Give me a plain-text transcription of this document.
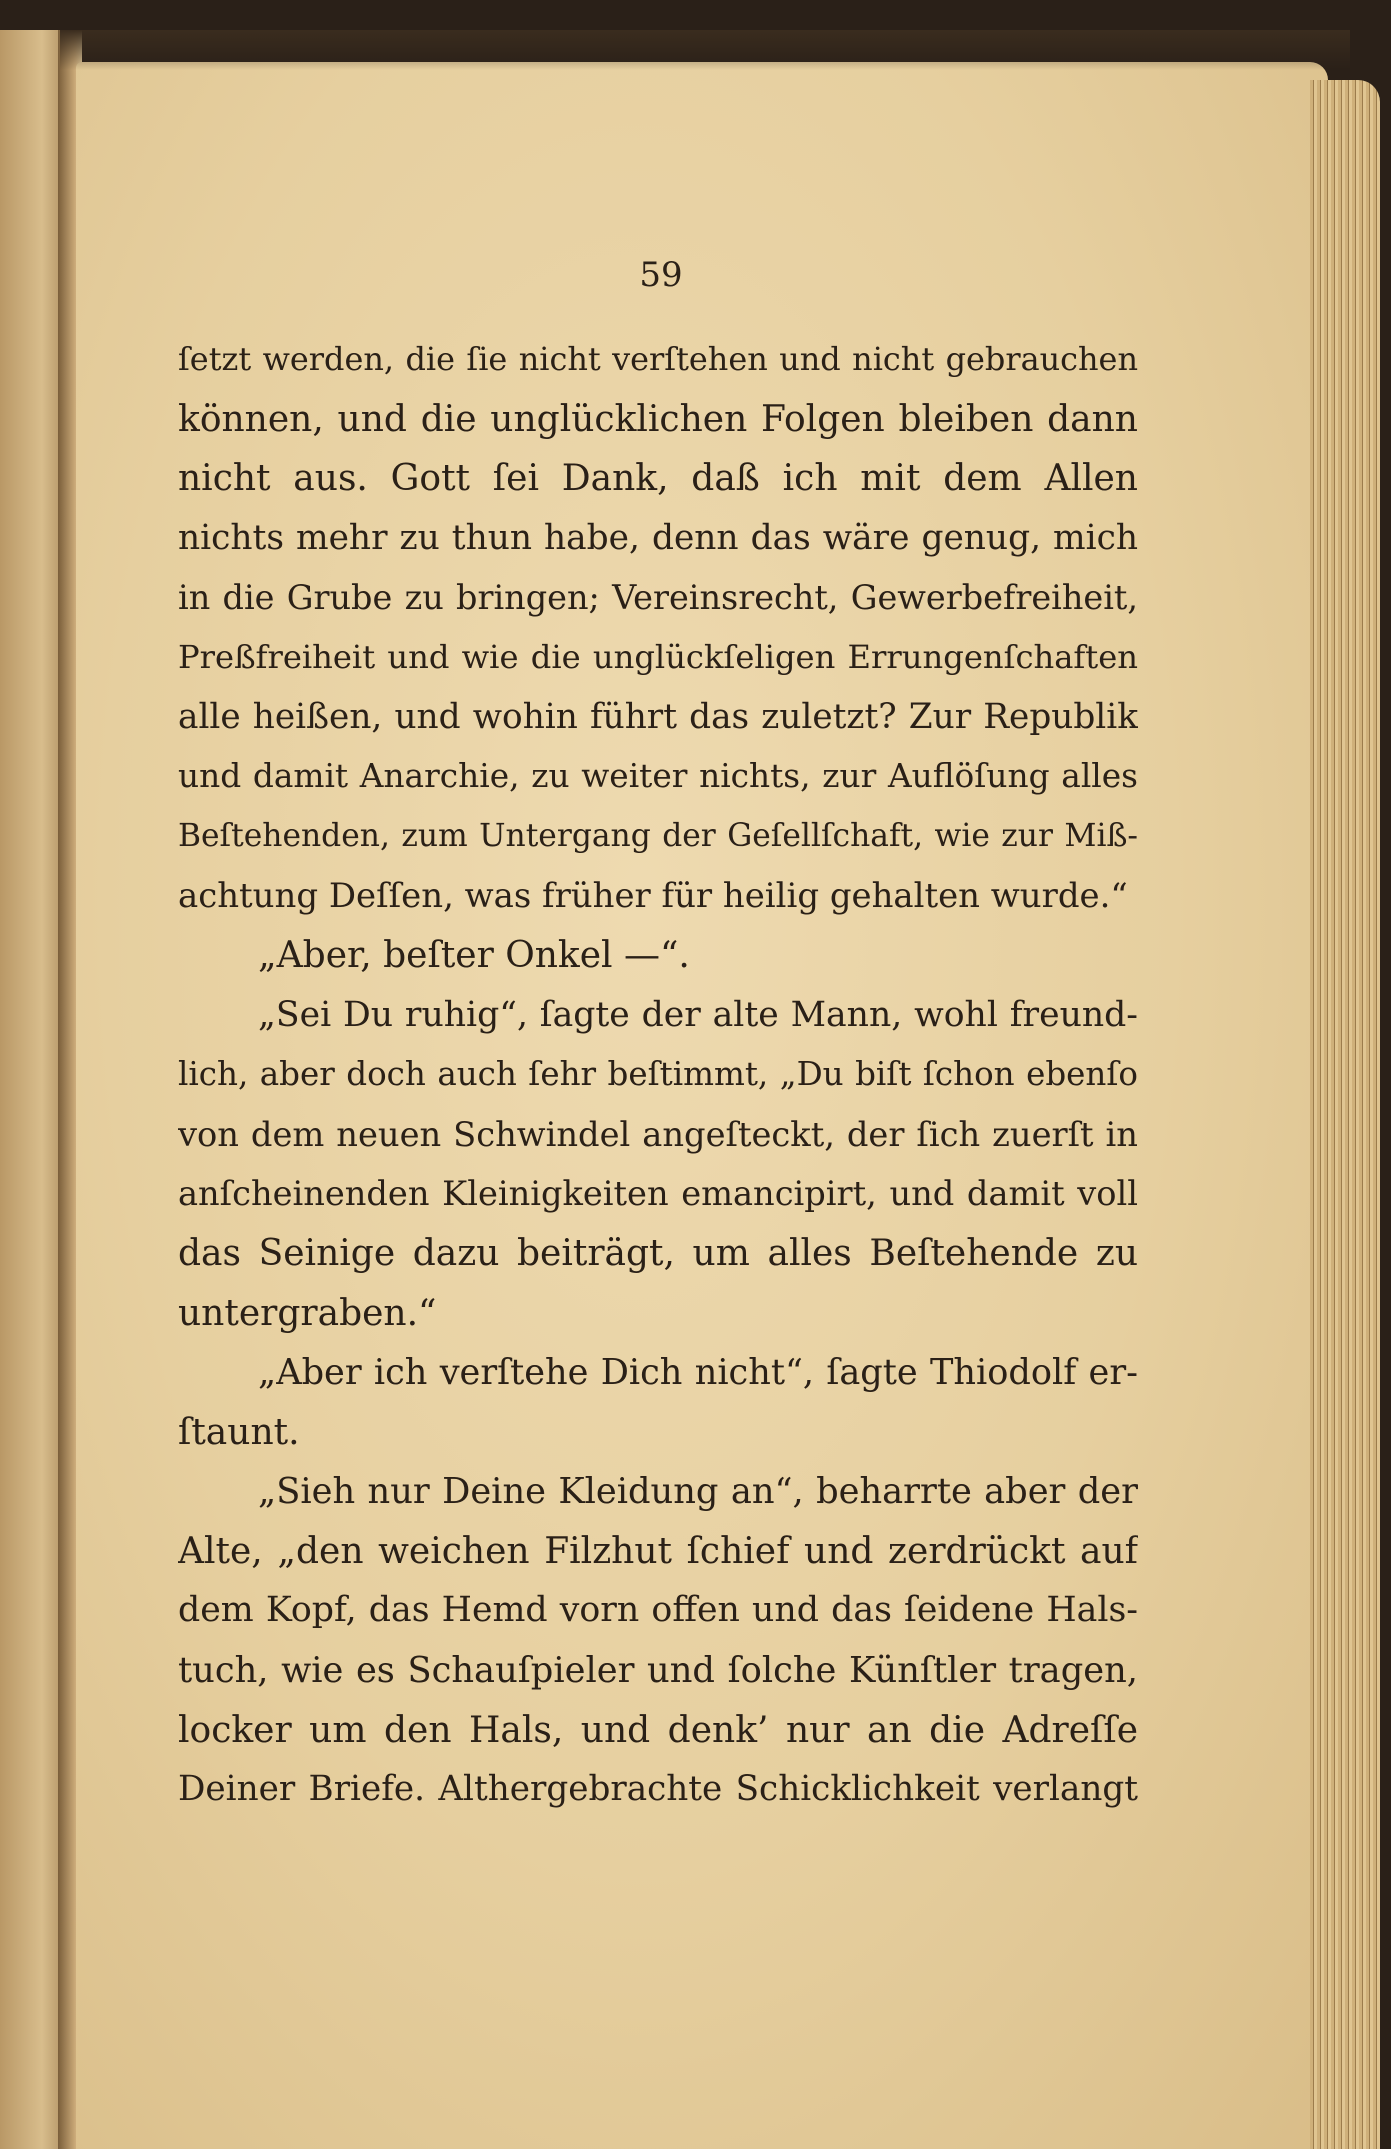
59
ſetzt werden, die ſie nicht verſtehen und nicht gebrauchen
können, und die unglücklichen Folgen bleiben dann
nicht aus. Gott ſei Dank, daß ich mit dem Allen
nichts mehr zu thun habe, denn das wäre genug, mich
in die Grube zu bringen; Vereinsrecht, Gewerbefreiheit,
Preßfreiheit und wie die unglückſeligen Errungenſchaften
alle heißen, und wohin führt das zuletzt? Zur Republik
und damit Anarchie, zu weiter nichts, zur Auflöſung alles
Beſtehenden, zum Untergang der Geſellſchaft, wie zur Miß-
achtung Deſſen, was früher für heilig gehalten wurde.“
„Aber, beſter Onkel —“.
„Sei Du ruhig“, ſagte der alte Mann, wohl freund-
lich, aber doch auch ſehr beſtimmt, „Du biſt ſchon ebenſo
von dem neuen Schwindel angeſteckt, der ſich zuerſt in
anſcheinenden Kleinigkeiten emancipirt, und damit voll
das Seinige dazu beiträgt, um alles Beſtehende zu
untergraben.“
„Aber ich verſtehe Dich nicht“, ſagte Thiodolf er-
ſtaunt.
„Sieh nur Deine Kleidung an“, beharrte aber der
Alte, „den weichen Filzhut ſchief und zerdrückt auf
dem Kopf, das Hemd vorn offen und das ſeidene Hals-
tuch, wie es Schauſpieler und ſolche Künſtler tragen,
locker um den Hals, und denk’ nur an die Adreſſe
Deiner Briefe. Althergebrachte Schicklichkeit verlangt
